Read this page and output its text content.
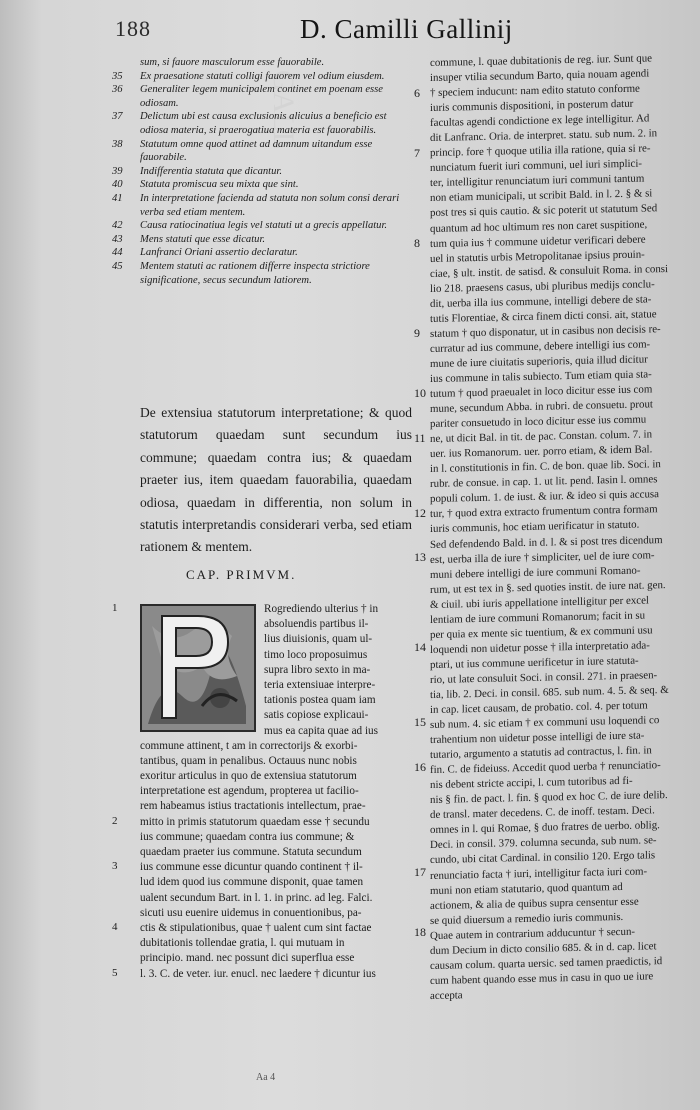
GALL
188	D. Camilli Gallinij
sum, si fauore masculorum esse fauorabile.
35	Ex praesatione statuti colligi fauorem vel odium eiusdem.
36	Generaliter legem municipalem continet em poenam esse odiosam.
37	Delictum ubi est causa exclusionis alicuius a beneficio est odiosa materia, si praerogatiua materia est fauorabilis.
38	Statutum omne quod attinet ad damnum uitandum esse fauorabile.
39	Indifferentia statuta que dicantur.
40	Statuta promiscua seu mixta que sint.
41	In interpretatione facienda ad statuta non solum consi derari verba sed etiam mentem.
42	Causa ratiocinatiua legis vel statuti ut a grecis appellatur.
43	Mens statuti que esse dicatur.
44	Lanfranci Oriani assertio declaratur.
45	Mentem statuti ac rationem differre inspecta strictiore significatione, secus secundum latiorem.
De extensiua statutorum interpretatione; & quod statutorum quaedam sunt secundum ius commune; quaedam contra ius; & quaedam praeter ius, item quaedam fauorabilia, quaedam odiosa, quaedam in differentia, non solum in statutis interpretandis considerari verba, sed etiam rationem & mentem.
CAP. PRIMVM.
Rogrediendo ulterius † in
absoluendis partibus il-
lius diuisionis, quam ul-
timo loco proposuimus
supra libro sexto in ma-
teria extensiuae interpre-
tationis postea quam iam
satis copiose explicaui-
mus ea capita quae ad ius
commune attinent, t am in correctorijs & exorbi-
tantibus, quam in penalibus. Octauus nunc nobis
exoritur articulus in quo de extensiua statutorum
interpretatione est agendum, propterea ut facilio-
rem habeamus istius tractationis intellectum, prae-
mitto in primis statutorum quaedam esse † secundu
ius commune; quaedam contra ius commune; &
quaedam praeter ius commune. Statuta secundum
ius commune esse dicuntur quando continent † il-
lud idem quod ius commune disponit, quae tamen
ualent secundum Bart. in l. 1. in princ. ad leg. Falci.
sicuti usu euenire uidemus in conuentionibus, pa-
ctis & stipulationibus, quae † ualent cum sint factae
dubitationis tollendae gratia, l. qui mutuam in
principio. mand. nec possunt dici superflua esse
l. 3. C. de veter. iur. enucl. nec laedere † dicuntur ius
1
2
3
4
5
6
7
8
9
10
11
12
13
14
15
16
17
18
commune, l. quae dubitationis de reg. iur. Sunt que
insuper vtilia secundum Barto, quia nouam agendi
† speciem inducunt: nam edito statuto conforme
iuris communis dispositioni, in posterum datur
facultas agendi condictione ex lege intelligitur. Ad
dit Lanfranc. Oria. de interpret. statu. sub num. 2. in
princip. fore † quoque utilia illa ratione, quia si re-
nunciatum fuerit iuri communi, uel iuri simplici-
ter, intelligitur renunciatum iuri communi tantum
non etiam municipali, ut scribit Bald. in l. 2. § & si
post tres si quis cautio. & sic poterit ut statutum Sed
quantum ad hoc ultimum res non caret suspitione,
tum quia ius † commune uidetur verificari debere
uel in statutis urbis Metropolitanae ipsius prouin-
ciae, § ult. instit. de satisd. & consuluit Roma. in consi
lio 218. praesens casus, ubi pluribus medijs conclu-
dit, uerba illa ius commune, intelligi debere de sta-
tutis Florentiae, & circa finem dicti consi. ait, statue
statum † quo disponatur, ut in casibus non decisis re-
curratur ad ius commune, debere intelligi ius com-
mune de iure ciuitatis superioris, quia illud dicitur
ius commune in talis subiecto. Tum etiam quia sta-
tutum † quod praeualet in loco dicitur esse ius com
mune, secundum Abba. in rubri. de consuetu. prout
pariter consuetudo in loco dicitur esse ius commu
ne, ut dicit Bal. in tit. de pac. Constan. colum. 7. in
uer. ius Romanorum. uer. porro etiam, & idem Bal.
in l. constitutionis in fin. C. de bon. quae lib. Soci. in
rubr. de consue. in cap. 1. ut lit. pend. Iasin l. omnes
populi colum. 1. de iust. & iur. & ideo si quis accusa
tur, † quod extra extracto frumentum contra formam
iuris communis, hoc etiam uerificatur in statuto.
Sed defendendo Bald. in d. l. & si post tres dicendum
est, uerba illa de iure † simpliciter, uel de iure com-
muni debere intelligi de iure communi Romano-
rum, ut est tex in §. sed quoties instit. de iure nat. gen.
& ciuil. ubi iuris appellatione intelligitur per excel
lentiam de iure communi Romanorum; facit in su
per quia ex mente sic tuentium, & ex communi usu
loquendi non uidetur posse † illa interpretatio ada-
ptari, ut ius commune uerificetur in iure statuta-
rio, ut late consuluit Soci. in consil. 271. in praesen-
tia, lib. 2. Deci. in consil. 685. sub num. 4. 5. & seq. &
in cap. licet causam, de probatio. col. 4. per totum
sub num. 4. sic etiam † ex communi usu loquendi co
trahentium non uidetur posse intelligi de iure sta-
tutario, argumento a statutis ad contractus, l. fin. in
fin. C. de fideiuss. Accedit quod uerba † renunciatio-
nis debent stricte accipi, l. cum tutoribus ad fi-
nis § fin. de pact. l. fin. § quod ex hoc C. de iure delib.
de transl. mater decedens. C. de inoff. testam. Deci.
omnes in l. qui Romae, § duo fratres de uerbo. oblig.
Deci. in consil. 379. columna secunda, sub num. se-
cundo, ubi citat Cardinal. in consilio 120. Ergo talis
renunciatio facta † iuri, intelligitur facta iuri com-
muni non etiam statutario, quod quantum ad
actionem, & alia de quibus supra censentur esse
se quid diuersum a remedio iuris communis.
Quae autem in contrarium adducuntur † secun-
dum Decium in dicto consilio 685. & in d. cap. licet
causam colum. quarta uersic. sed tamen praedictis, id
cum habent quando esse mus in casu in quo ue iure
accepta
Aa 4
